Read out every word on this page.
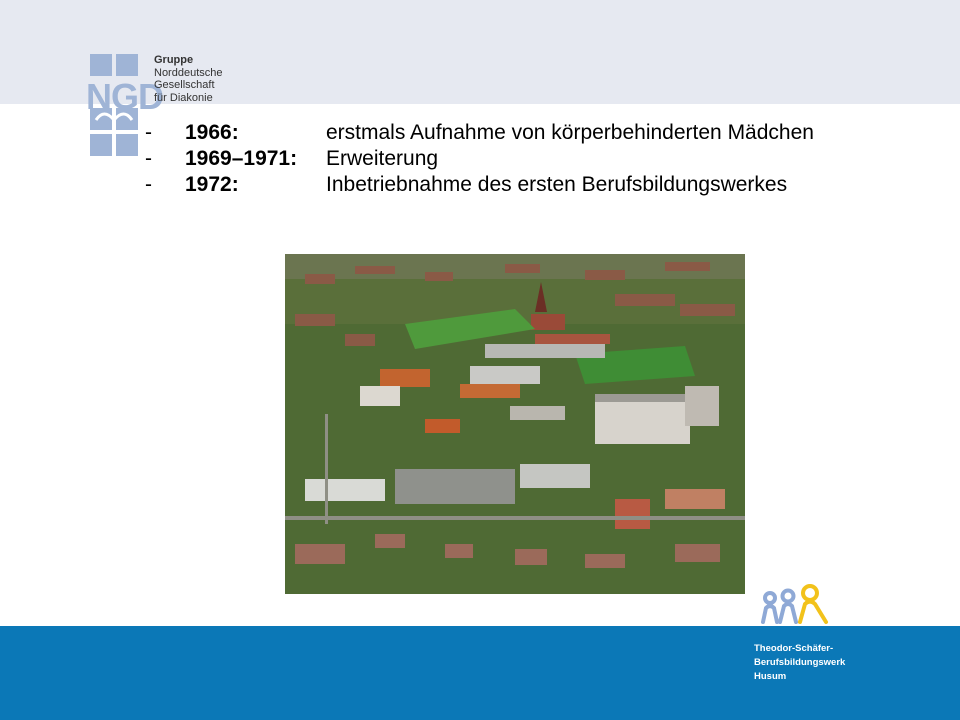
NGD
Gruppe
Norddeutsche
Gesellschaft
für Diakonie
-	1966:	erstmals Aufnahme von körperbehinderten Mädchen
-	1969–1971:	Erweiterung
-	1972:	Inbetriebnahme des ersten Berufsbildungswerkes
Theodor-Schäfer-
Berufsbildungswerk
Husum
